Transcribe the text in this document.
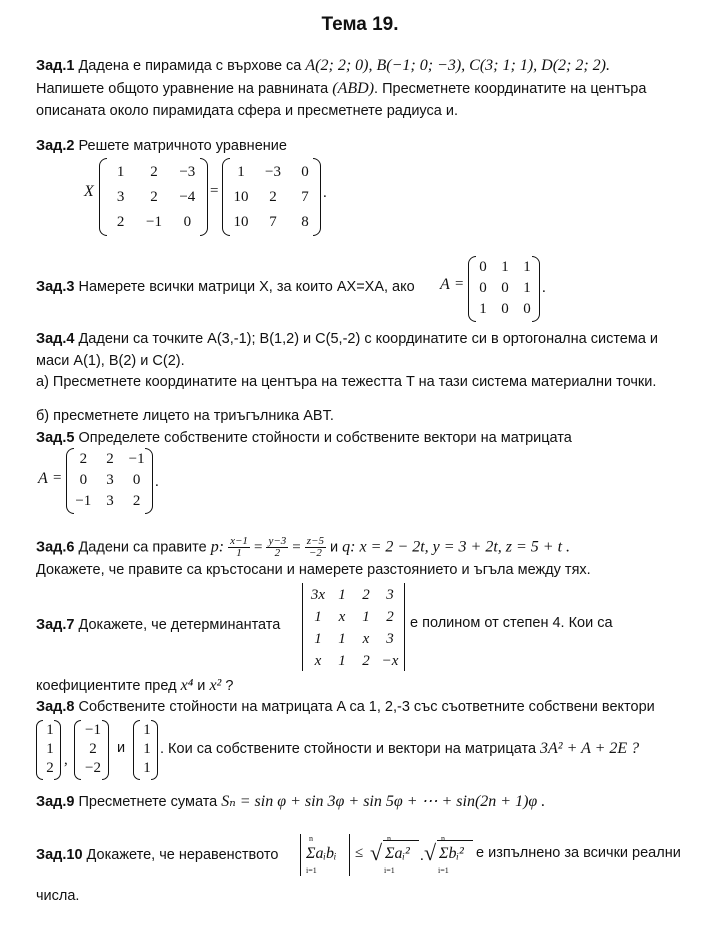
Тема 19.
Зад.1 Дадена е пирамида с върхове са A(2; 2; 0), B(−1; 0; −3), C(3; 1; 1), D(2; 2; 2).
Напишете общото уравнение на равнината (ABD). Пресметнете координатите на центъра
описаната около пирамидата сфера и пресметнете радиуса и.
Зад.2 Решете матричното уравнение
X
1	2	−3
3	2	−4
2	−1	0
=
1	−3	0
10	2	7
10	7	8
.
Зад.3 Намерете всички матрици X, за които AX=XA, ако A =
0 1 1
0 0 1
1 0 0
.
Зад.4 Дадени са точките A(3,-1); B(1,2) и C(5,-2) с координатите си в ортогонална система и
маси A(1), B(2) и C(2).
а) Пресметнете координатите на центъра на тежестта T на тази система материални точки.
б) пресметнете лицето на триъгълника ABT.
Зад.5 Определете собствените стойности и собствените вектори на матрицата
A =
2	2 −1
0	3	0
−1 3	2
.
Зад.6 Дадени са правите p: $\frac{x-1}{1} = \frac{y-3}{2} = \frac{z-5}{-2}$ и q: x = 2 − 2t, y = 3 + 2t, z = 5 + t .
Докажете, че правите са кръстосани и намерете разстоянието и ъгъла между тях.
Зад.7 Докажете, че детерминантата
3x 1	2	3
1	x	1	2
1	1	x	3
x	1	2 −x
е полином от степен 4. Кои са
коефициентите пред x⁴ и x² ?
Зад.8 Собствените стойности на матрицата A са 1, 2,-3 със съответните собствени вектори
1
1
2 ,
−1
2
−2
и
1
1
1
. Кои са собствените стойности и вектори на матрицата 3A² + A + 2E ?
Зад.9 Пресметнете сумата Sₙ = sin φ + sin 3φ + sin 5φ + ⋯ + sin(2n + 1)φ .
Зад.10 Докажете, че неравенството Σaᵢbᵢ
n
i=1
≤ √ Σaᵢ²
n
i=1
. √ Σbᵢ²
n
i=1
е изпълнено за всички реални
числа.
